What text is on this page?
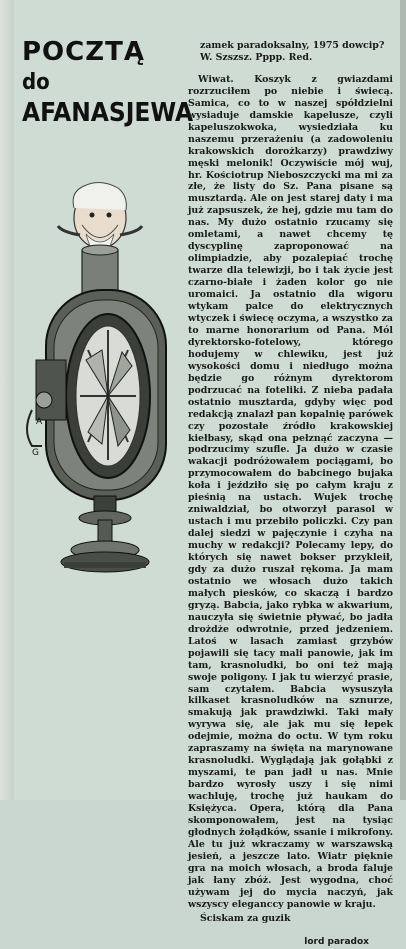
POCZTĄ
do AFANASJEWA
A
G
zamek paradoksalny, 1975 dowcip?
W. Szszsz. Pppp. Red.

Wiwat. Koszyk z gwiazdami rozrzuciłem po niebie i świecą. Samica, co to w naszej spółdzielni wysiaduje damskie kapelusze, czyli kapeluszokwoka, wysiedziała ku naszemu przerażeniu (a zadowoleniu krakowskich dorożkarzy) prawdziwy męski melonik! Oczywiście mój wuj, hr. Kościotrup Nieboszczycki ma mi za złe, że listy do Sz. Pana pisane są musztardą. Ale on jest starej daty i ma już zapsuszek, że hej, gdzie mu tam do nas. My dużo ostatnio rzucamy się omletami, a nawet chcemy tę dyscyplinę zaproponować na olimpiadzie, aby pozalepiać trochę twarze dla telewizji, bo i tak życie jest czarno-białe i żaden kolor go nie uromaici. Ja ostatnio dla wigoru wtykam palce do elektrycznych wtyczek i świecę oczyma, a wszystko za to marne honorarium od Pana. Mól dyrektorsko-fotelowy, którego hodujemy w chlewiku, jest już wysokości domu i niedługo można będzie go różnym dyrektorom podrzucać na foteliki. Z nieba padała ostatnio musztarda, gdyby więc pod redakcją znalazł pan kopalnię parówek czy pozostałe źródło krakowskiej kiełbasy, skąd ona pełznąć zaczyna — podrzucimy szufle. Ja dużo w czasie wakacji podróżowałem pociągami, bo przymocowałem do babcinego bujaka koła i jeździło się po całym kraju z pieśnią na ustach. Wujek trochę zniwaldział, bo otworzył parasol w ustach i mu przebiło policzki. Czy pan dalej siedzi w pajęczynie i czyha na muchy w redakcji? Polecamy lepy, do których się nawet bokser przykleił, gdy za dużo ruszał rękoma. Ja mam ostatnio we włosach dużo takich małych piesków, co skaczą i bardzo gryzą. Babcia, jako rybka w akwarium, nauczyła się świetnie pływać, bo jadła drożdże odwrotnie, przed jedzeniem. Latoś w lasach zamiast grzybów pojawili się tacy mali panowie, jak im tam, krasnoludki, bo oni też mają swoje poligony. I jak tu wierzyć prasie, sam czytałem. Babcia wysuszyła kilkaset krasnoludków na sznurze, smakują jak prawdziwki. Taki mały wyrywa się, ale jak mu się łepek odejmie, można do octu. W tym roku zapraszamy na święta na marynowane krasnoludki. Wyglądają jak gołąbki z myszami, te pan jadł u nas. Mnie bardzo wyrosły uszy i się nimi wachluję, trochę już haukam do Księżyca. Opera, którą dla Pana skomponowałem, jest na tysiąc głodnych żołądków, ssanie i mikrofony. Ale tu już wkraczamy w warszawską jesień, a jeszcze lato. Wiatr pięknie gra na moich włosach, a broda faluje jak łany zbóż. Jest wygodna, choć używam jej do mycia naczyń, jak wszyscy eleganccy panowie w kraju.

Ściskam za guzik
lord paradox
